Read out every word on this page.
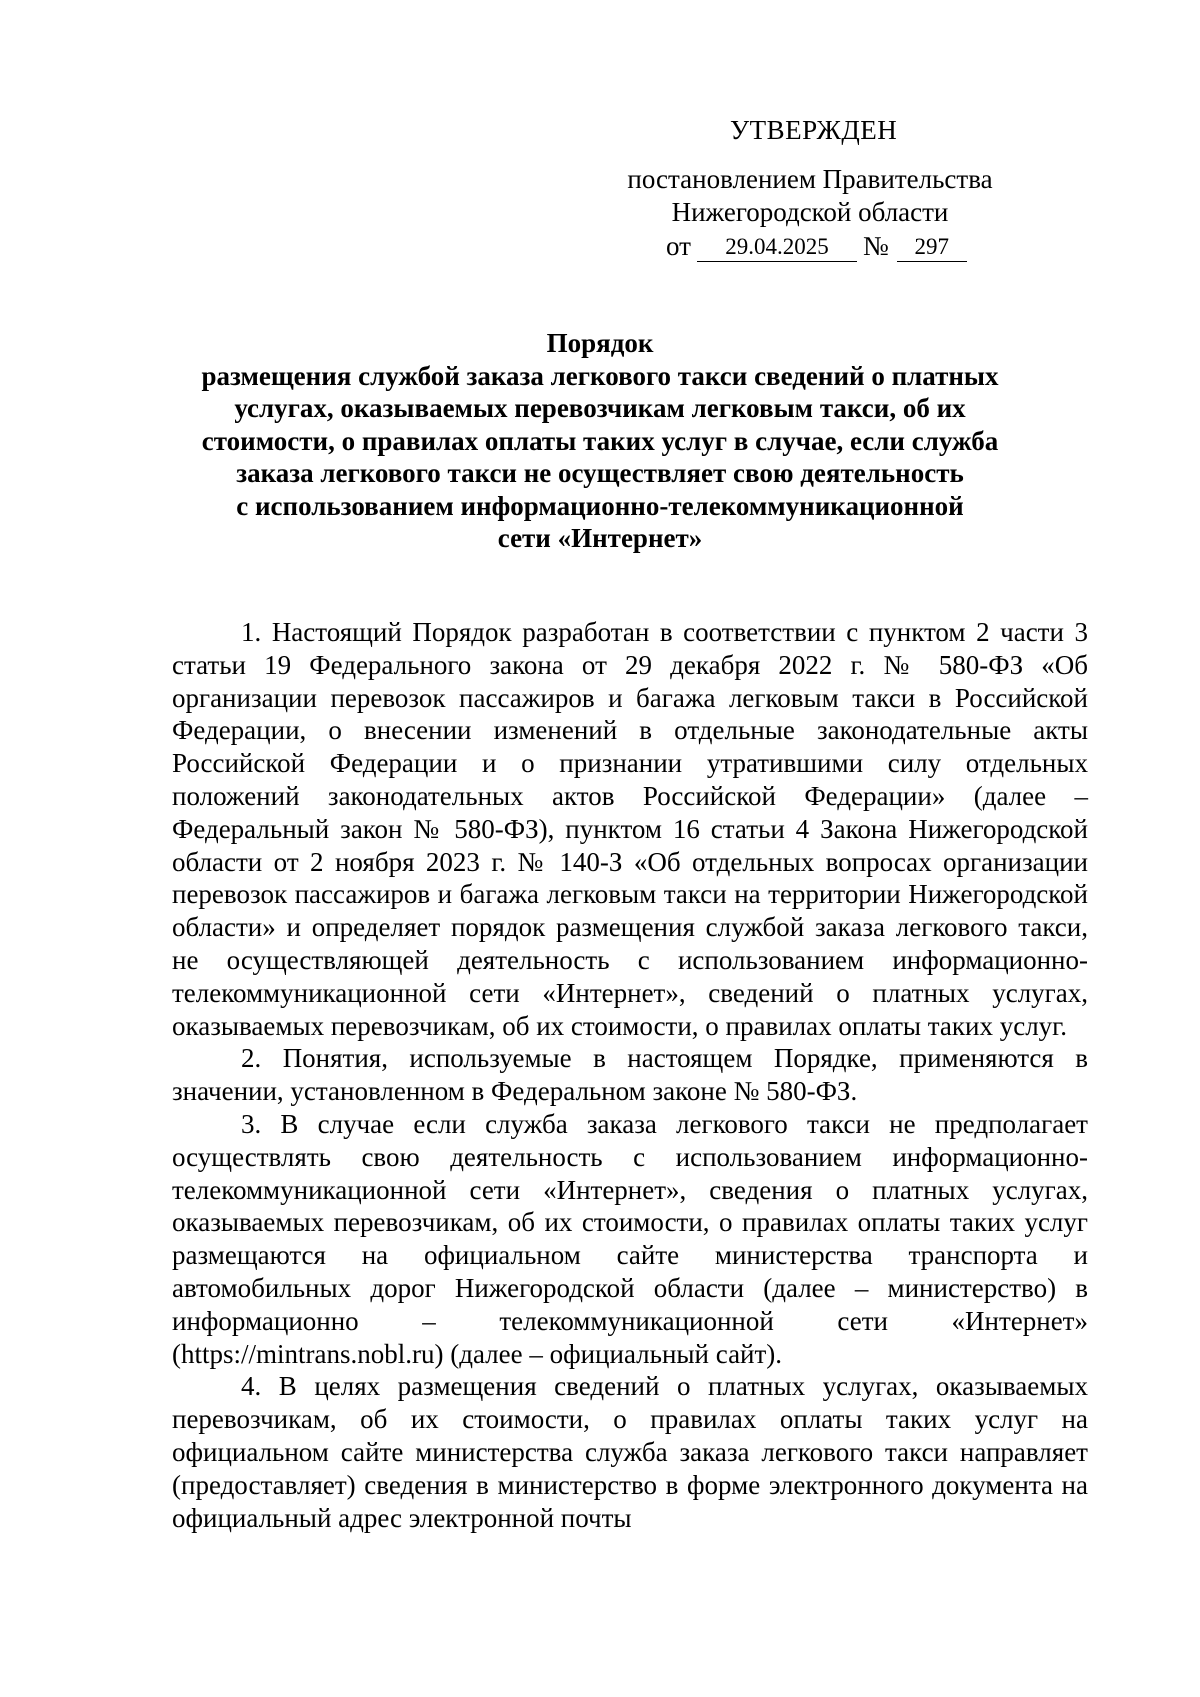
УТВЕРЖДЕН
постановлением Правительства
Нижегородской области
от 29.04.2025 № 297
Порядок
размещения службой заказа легкового такси сведений о платных
услугах, оказываемых перевозчикам легковым такси, об их
стоимости, о правилах оплаты таких услуг в случае, если служба
заказа легкового такси не осуществляет свою деятельность
с использованием информационно-телекоммуникационной
сети «Интернет»

1. Настоящий Порядок разработан в соответствии с пунктом 2 части 3 статьи 19 Федерального закона от 29 декабря 2022 г. № 580-ФЗ «Об организации перевозок пассажиров и багажа легковым такси в Российской Федерации, о внесении изменений в отдельные законодательные акты Российской Федерации и о признании утратившими силу отдельных положений законодательных актов Российской Федерации» (далее – Федеральный закон № 580-ФЗ), пунктом 16 статьи 4 Закона Нижегородской области от 2 ноября 2023 г. № 140-З «Об отдельных вопросах организации перевозок пассажиров и багажа легковым такси на территории Нижегородской области» и определяет порядок размещения службой заказа легкового такси, не осуществляющей деятельность с использованием информационно-телекоммуникационной сети «Интернет», сведений о платных услугах, оказываемых перевозчикам, об их стоимости, о правилах оплаты таких услуг.

2. Понятия, используемые в настоящем Порядке, применяются в значении, установленном в Федеральном законе № 580-ФЗ.

3. В случае если служба заказа легкового такси не предполагает осуществлять свою деятельность с использованием информационно-телекоммуникационной сети «Интернет», сведения о платных услугах, оказываемых перевозчикам, об их стоимости, о правилах оплаты таких услуг размещаются на официальном сайте министерства транспорта и автомобильных дорог Нижегородской области (далее – министерство) в информационно – телекоммуникационной сети «Интернет» (https://mintrans.nobl.ru) (далее – официальный сайт).

4. В целях размещения сведений о платных услугах, оказываемых перевозчикам, об их стоимости, о правилах оплаты таких услуг на официальном сайте министерства служба заказа легкового такси направляет (предоставляет) сведения в министерство в форме электронного документа на официальный адрес электронной почты
